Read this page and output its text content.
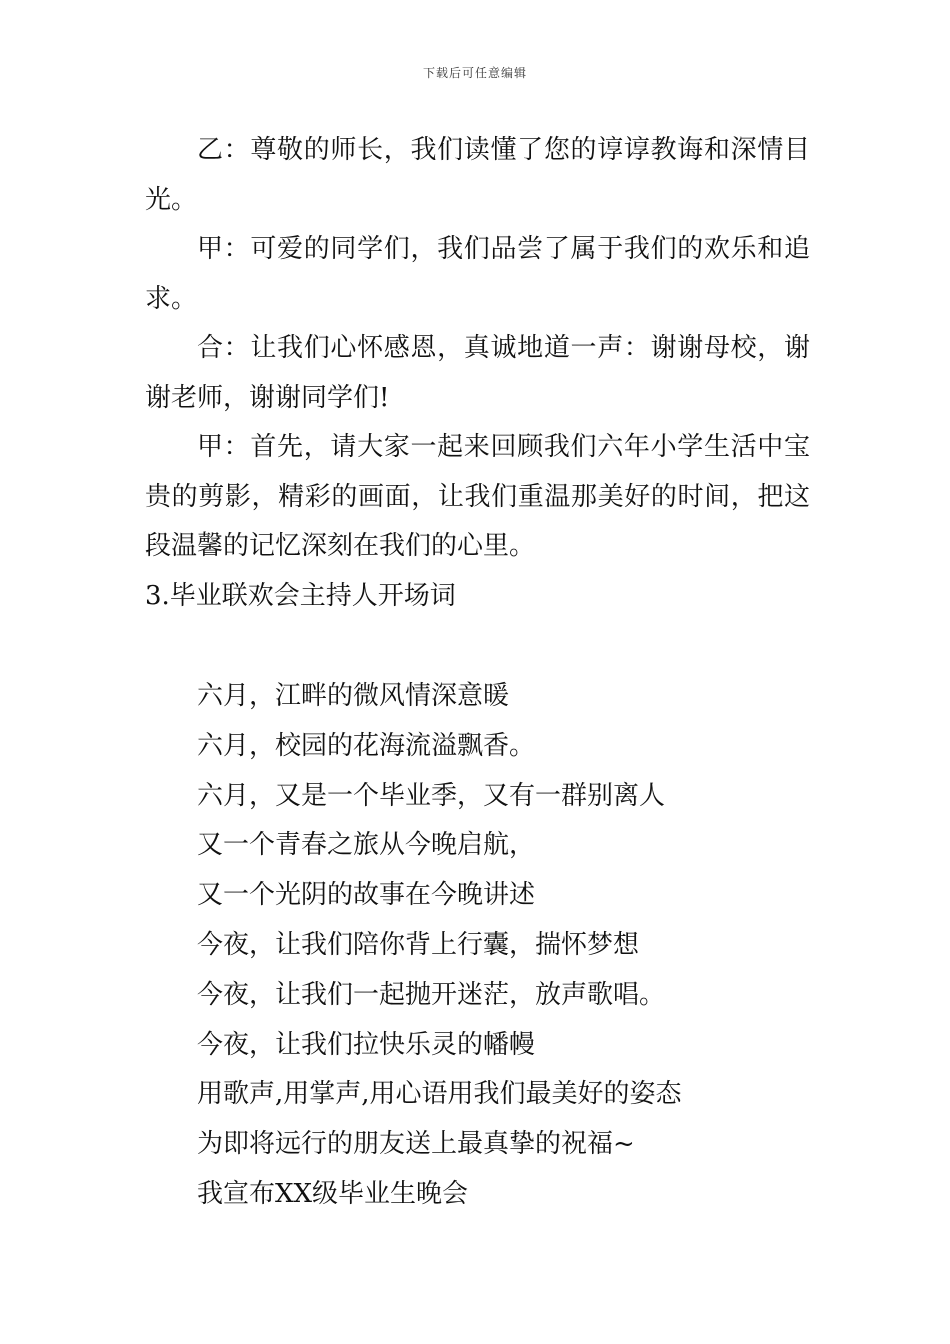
下载后可任意编辑

乙：尊敬的师长，我们读懂了您的谆谆教诲和深情目光。

甲：可爱的同学们，我们品尝了属于我们的欢乐和追求。

合：让我们心怀感恩，真诚地道一声：谢谢母校，谢谢老师，谢谢同学们!

甲：首先，请大家一起来回顾我们六年小学生活中宝贵的剪影，精彩的画面，让我们重温那美好的时间，把这段温馨的记忆深刻在我们的心里。

3.毕业联欢会主持人开场词

六月，江畔的微风情深意暖

六月，校园的花海流溢飘香。

六月，又是一个毕业季，又有一群别离人

又一个青春之旅从今晚启航，

又一个光阴的故事在今晚讲述

今夜，让我们陪你背上行囊，揣怀梦想

今夜，让我们一起抛开迷茫，放声歌唱。

今夜，让我们拉快乐灵的幡幔

用歌声,用掌声,用心语用我们最美好的姿态

为即将远行的朋友送上最真挚的祝福~

我宣布XX级毕业生晚会
